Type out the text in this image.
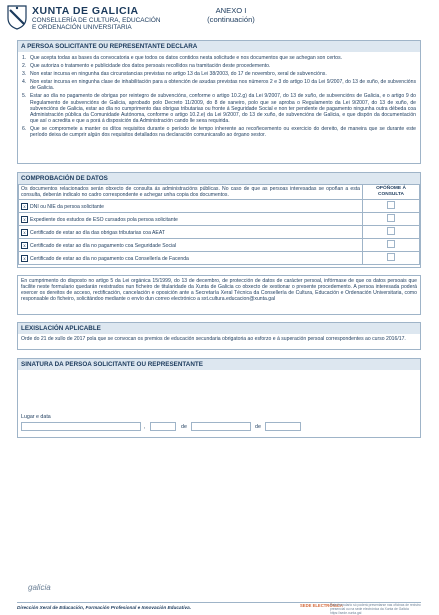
XUNTA DE GALICIA
CONSELLERÍA DE CULTURA, EDUCACIÓN
E ORDENACIÓN UNIVERSITARIA
ANEXO I
(continuación)
A PERSOA SOLICITANTE OU REPRESENTANTE DECLARA
1. Que acepta todas as bases da convocatoria e que todos os datos contidos nesta solicitude e nos documentos que se achegan son certos.
2. Que autoriza o tratamento e publicidade dos datos persoais recollidos na tramitación deste procedemento.
3. Non estar incursa en ningunha das circunstancias previstas no artigo 13 da Lei 38/2003, do 17 de novembro, xeral de subvencións.
4. Non estar incursa en ningunha clase de inhabilitación para a obtención de axudas previstas nos números 2 e 3 do artigo 10 da Lei 9/2007, do 13 de xuño, de subvencións de Galicia.
5. Estar ao día no pagamento de obrigas por reintegro de subvencións, conforme o artigo 10.2.g) da Lei 9/2007, do 13 de xuño, de subvencións de Galicia, e o artigo 9 do Regulamento de subvencións de Galicia, aprobado polo Decreto 11/2009, do 8 de xaneiro, polo que se aproba o Regulamento da Lei 9/2007, do 13 de xuño, de subvencións de Galicia, estar ao día no cumprimento das obrigas tributarias ou fronte á Seguridade Social e non ter pendente de pagamento ningunha outra débeda coa Administración pública da Comunidade Autónoma, conforme o artigo 10.2.e) da Lei 9/2007, do 13 de xuño, de subvencións de Galicia, e que dispón da documentación que así o acredita e que a porá á disposición da Administración cando lle sexa requirida.
6. Que se compromete a manter os dítos requisitos durante o período de tempo inherente ao recoñecemento ou exercicio do dereito, de maneira que se durante este período deixa de cumprir algún dos requisitos detallados na declaración comunicarallo ao órgano xestor.
COMPROBACIÓN DE DATOS
Os documentos relacionados serán obxecto de consulta ás administracións públicas. No caso de que as persoas interesadas se opoñan a esta consulta, deberán indicalo no cadro correspondente e achegar unha copia dos documentos.	OPÓÑOME Á CONSULTA
x DNI ou NIE da persoa solicitante	
x Expediente dos estudos de ESO cursados pola persoa solicitante	
x Certificado de estar ao día das obrigas tributarias coa AEAT	
x Certificado de estar ao día no pagamento coa Seguridade Social	
x Certificado de estar ao día no pagamento coa Consellería de Facenda	
En cumprimento do disposto no artigo 5 da Lei orgánica 15/1999, do 13 de decembro, de protección de datos de carácter persoal, infórmase de que os datos persoais que facilite neste formulario quedarán rexistrados nun ficheiro de titularidade da Xunta de Galicia co obxecto de xestionar o presente procedemento. A persoa interesada poderá exercer os dereitos de acceso, rectificación, cancelación e oposición ante a Secretaría Xeral Técnica da Consellería de Cultura, Educación e Ordenación Universitaria, como responsable do ficheiro, solicitándoo mediante o envío dun correo electrónico a sxt.cultura.educacion@xunta.gal
LEXISLACIÓN APLICABLE
Orde do 21 de xullo de 2017 pola que se convocan os premios de educación secundaria obrigatoria ao esforzo e á superación persoal correspondentes ao curso 2016/17.
SINATURA DA PERSOA SOLICITANTE OU REPRESENTANTE
Lugar e data
,	de	de
galicia
Dirección Xeral de Educación, Formación Profesional e Innovación Educativa.	SEDE ELECTRÓNICA
Este formulario só poderá presentarse nas oficinas de rexistro presencial ou na sede electrónica da Xunta de Galicia https://sede.xunta.gal
